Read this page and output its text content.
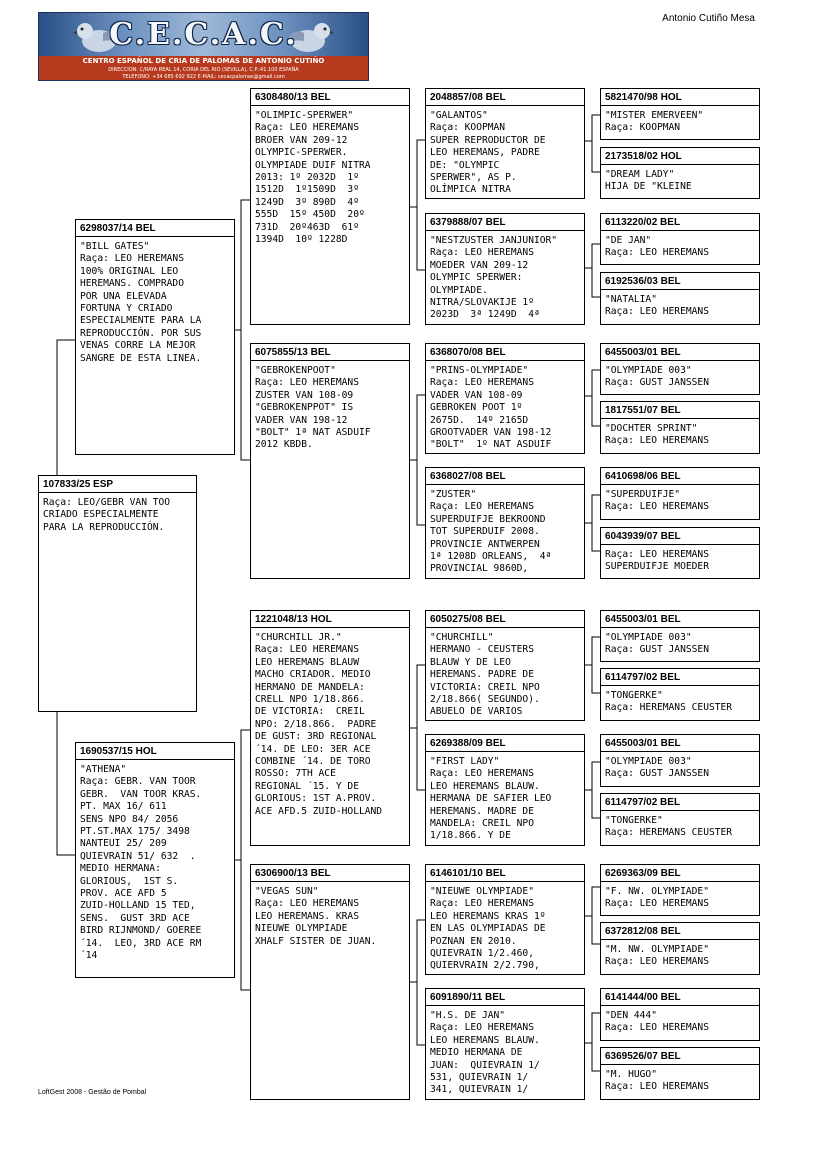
C.E.C.A.C.
CENTRO ESPAÑOL DE CRIA DE PALOMAS DE ANTONIO CUTIÑO
DIRECCION: C/RAYA REAL 14, CORIA DEL RIO (SEVILLA), C.P.:41.100 ESPAÑA
TELEFONO: +34 685 692 922 E-MAIL: cecacpalomas@gmail.com
Antonio Cutiño Mesa
107833/25 ESP
Raça: LEO/GEBR VAN TOO
CRIADO ESPECIALMENTE
PARA LA REPRODUCCIÓN.
6298037/14 BEL
"BILL GATES"
Raça: LEO HEREMANS
100% ORIGINAL LEO
HEREMANS. COMPRADO
POR UNA ELEVADA
FORTUNA Y CRIADO
ESPECIALMENTE PARA LA
REPRODUCCIÓN. POR SUS
VENAS CORRE LA MEJOR
SANGRE DE ESTA LINEA.
1690537/15 HOL
"ATHENA"
Raça: GEBR. VAN TOOR
GEBR.  VAN TOOR KRAS.
PT. MAX 16/ 611
SENS NPO 84/ 2056
PT.ST.MAX 175/ 3498
NANTEUI 25/ 209
QUIEVRAIN 51/ 632  .
MEDIO HERMANA:
GLORIOUS,  1ST S.
PROV. ACE AFD 5
ZUID-HOLLAND 15 TED,
SENS.  GUST 3RD ACE
BIRD RIJNMOND/ GOEREE
´14.  LEO, 3RD ACE RM
´14
6308480/13 BEL
"OLIMPIC-SPERWER"
Raça: LEO HEREMANS
BROER VAN 209-12
OLYMPIC-SPERWER.
OLYMPIADE DUIF NITRA
2013: 1º 2032D  1º
1512D  1º1509D  3º
1249D  3º 890D  4º
555D  15º 450D  20º
731D  20º463D  61º
1394D  10º 1228D
6075855/13 BEL
"GEBROKENPOOT"
Raça: LEO HEREMANS
ZUSTER VAN 108-09
"GEBROKENPPOT" IS
VADER VAN 198-12
"BOLT" 1ª NAT ASDUIF
2012 KBDB.
1221048/13 HOL
"CHURCHILL JR."
Raça: LEO HEREMANS
LEO HEREMANS BLAUW
MACHO CRIADOR. MEDIO
HERMANO DE MANDELA:
CRELL NPO 1/18.866.
DE VICTORIA:  CREIL
NPO: 2/18.866.  PADRE
DE GUST: 3RD REGIONAL
´14. DE LEO: 3ER ACE
COMBINE ´14. DE TORO
ROSSO: 7TH ACE
REGIONAL ´15. Y DE
GLORIOUS: 1ST A.PROV.
ACE AFD.5 ZUID-HOLLAND
6306900/13 BEL
"VEGAS SUN"
Raça: LEO HEREMANS
LEO HEREMANS. KRAS
NIEUWE OLYMPIADE
XHALF SISTER DE JUAN.
2048857/08 BEL
"GALANTOS"
Raça: KOOPMAN
SUPER REPRODUCTOR DE
LEO HEREMANS, PADRE
DE: "OLYMPIC
SPERWER", AS P.
OLÍMPICA NITRA
6379888/07 BEL
"NESTZUSTER JANJUNIOR"
Raça: LEO HEREMANS
MOEDER VAN 209-12
OLYMPIC SPERWER:
OLYMPIADE.
NITRA/SLOVAKIJE 1º
2023D  3ª 1249D  4ª
6368070/08 BEL
"PRINS-OLYMPIADE"
Raça: LEO HEREMANS
VADER VAN 108-09
GEBROKEN POOT 1º
2675D.  14º 2165D
GROOTVADER VAN 198-12
"BOLT"  1º NAT ASDUIF
6368027/08 BEL
"ZUSTER"
Raça: LEO HEREMANS
SUPERDUIFJE BEKROOND
TOT SUPERDUIF 2008.
PROVINCIE ANTWERPEN
1ª 1208D ORLEANS,  4ª
PROVINCIAL 9860D,
6050275/08 BEL
"CHURCHILL"
HERMANO - CEUSTERS
BLAUW Y DE LEO
HEREMANS. PADRE DE
VICTORIA: CREIL NPO
2/18.866( SEGUNDO).
ABUELO DE VARIOS
6269388/09 BEL
"FIRST LADY"
Raça: LEO HEREMANS
LEO HEREMANS BLAUW.
HERMANA DE SAFIER LEO
HEREMANS. MADRE DE
MANDELA: CREIL NPO
1/18.866. Y DE
6146101/10 BEL
"NIEUWE OLYMPIADE"
Raça: LEO HEREMANS
LEO HEREMANS KRAS 1º
EN LAS OLYMPIADAS DE
POZNAN EN 2010.
QUIEVRAIN 1/2.460,
QUIERVRAIN 2/2.790,
6091890/11 BEL
"H.S. DE JAN"
Raça: LEO HEREMANS
LEO HEREMANS BLAUW.
MEDIO HERMANA DE
JUAN:  QUIEVRAIN 1/
531, QUIEVRAIN 1/
341, QUIEVRAIN 1/
5821470/98 HOL
"MISTER EMERVEEN"
Raça: KOOPMAN
2173518/02 HOL
"DREAM LADY"
HIJA DE "KLEINE
6113220/02 BEL
"DE JAN"
Raça: LEO HEREMANS
6192536/03 BEL
"NATALIA"
Raça: LEO HEREMANS
6455003/01 BEL
"OLYMPIADE 003"
Raça: GUST JANSSEN
1817551/07 BEL
"DOCHTER SPRINT"
Raça: LEO HEREMANS
6410698/06 BEL
"SUPERDUIFJE"
Raça: LEO HEREMANS
6043939/07 BEL
Raça: LEO HEREMANS
SUPERDUIFJE MOEDER
6455003/01 BEL
"OLYMPIADE 003"
Raça: GUST JANSSEN
6114797/02 BEL
"TONGERKE"
Raça: HEREMANS CEUSTER
6455003/01 BEL
"OLYMPIADE 003"
Raça: GUST JANSSEN
6114797/02 BEL
"TONGERKE"
Raça: HEREMANS CEUSTER
6269363/09 BEL
"F. NW. OLYMPIADE"
Raça: LEO HEREMANS
6372812/08 BEL
"M. NW. OLYMPIADE"
Raça: LEO HEREMANS
6141444/00 BEL
"DEN 444"
Raça: LEO HEREMANS
6369526/07 BEL
"M. HUGO"
Raça: LEO HEREMANS
LoftGest 2008 - Gestão de Pombal
